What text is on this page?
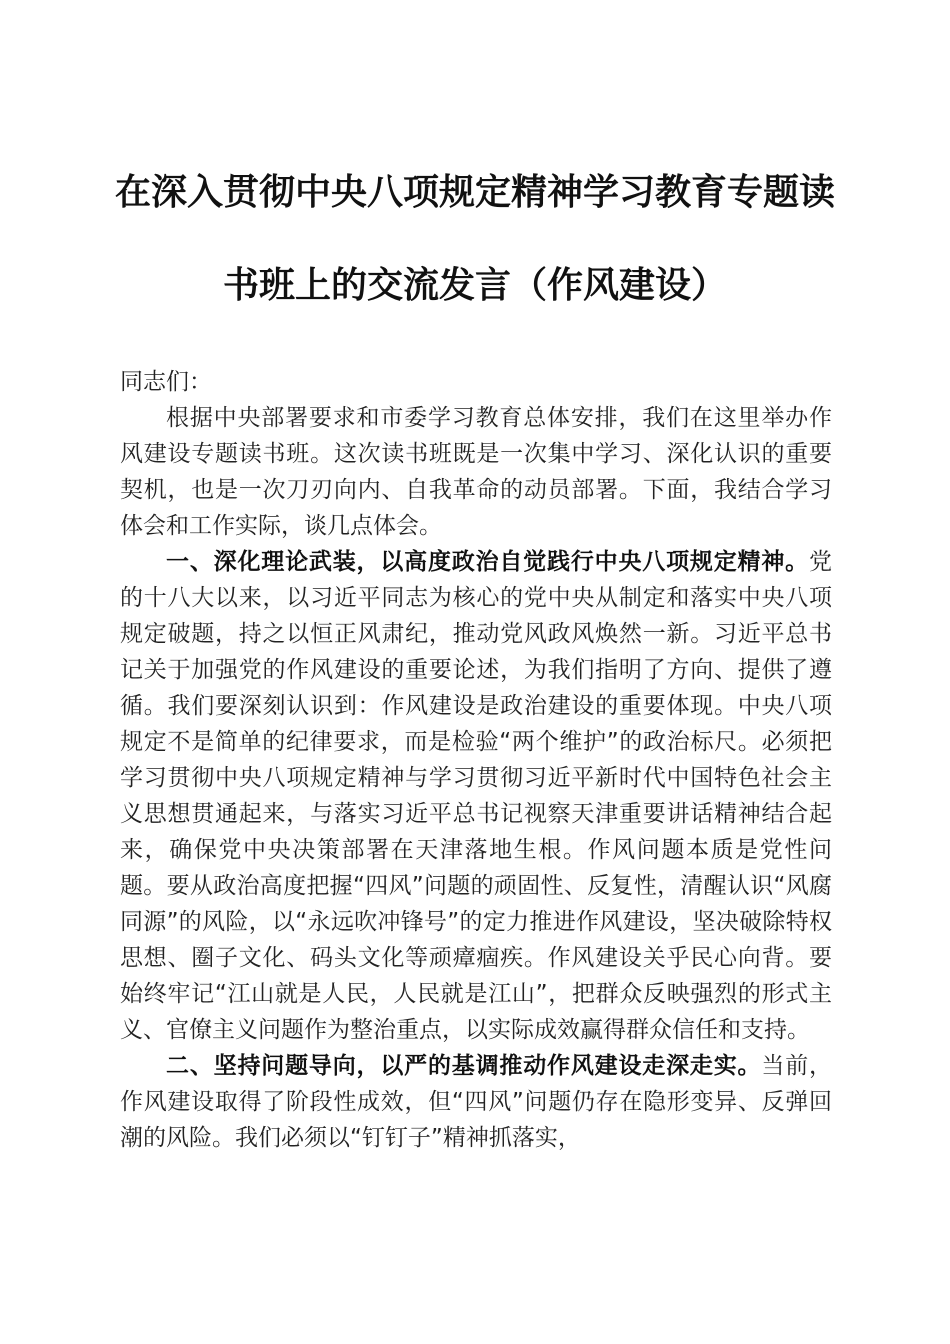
在深入贯彻中央八项规定精神学习教育专题读
书班上的交流发言（作风建设）

同志们：

根据中央部署要求和市委学习教育总体安排，我们在这里举办作风建设专题读书班。这次读书班既是一次集中学习、深化认识的重要契机，也是一次刀刃向内、自我革命的动员部署。下面，我结合学习体会和工作实际，谈几点体会。

一、深化理论武装，以高度政治自觉践行中央八项规定精神。党的十八大以来，以习近平同志为核心的党中央从制定和落实中央八项规定破题，持之以恒正风肃纪，推动党风政风焕然一新。习近平总书记关于加强党的作风建设的重要论述，为我们指明了方向、提供了遵循。我们要深刻认识到：作风建设是政治建设的重要体现。中央八项规定不是简单的纪律要求，而是检验“两个维护”的政治标尺。必须把学习贯彻中央八项规定精神与学习贯彻习近平新时代中国特色社会主义思想贯通起来，与落实习近平总书记视察天津重要讲话精神结合起来，确保党中央决策部署在天津落地生根。作风问题本质是党性问题。要从政治高度把握“四风”问题的顽固性、反复性，清醒认识“风腐同源”的风险，以“永远吹冲锋号”的定力推进作风建设，坚决破除特权思想、圈子文化、码头文化等顽瘴痼疾。作风建设关乎民心向背。要始终牢记“江山就是人民，人民就是江山”，把群众反映强烈的形式主义、官僚主义问题作为整治重点，以实际成效赢得群众信任和支持。

二、坚持问题导向，以严的基调推动作风建设走深走实。当前，作风建设取得了阶段性成效，但“四风”问题仍存在隐形变异、反弹回潮的风险。我们必须以“钉钉子”精神抓落实，
